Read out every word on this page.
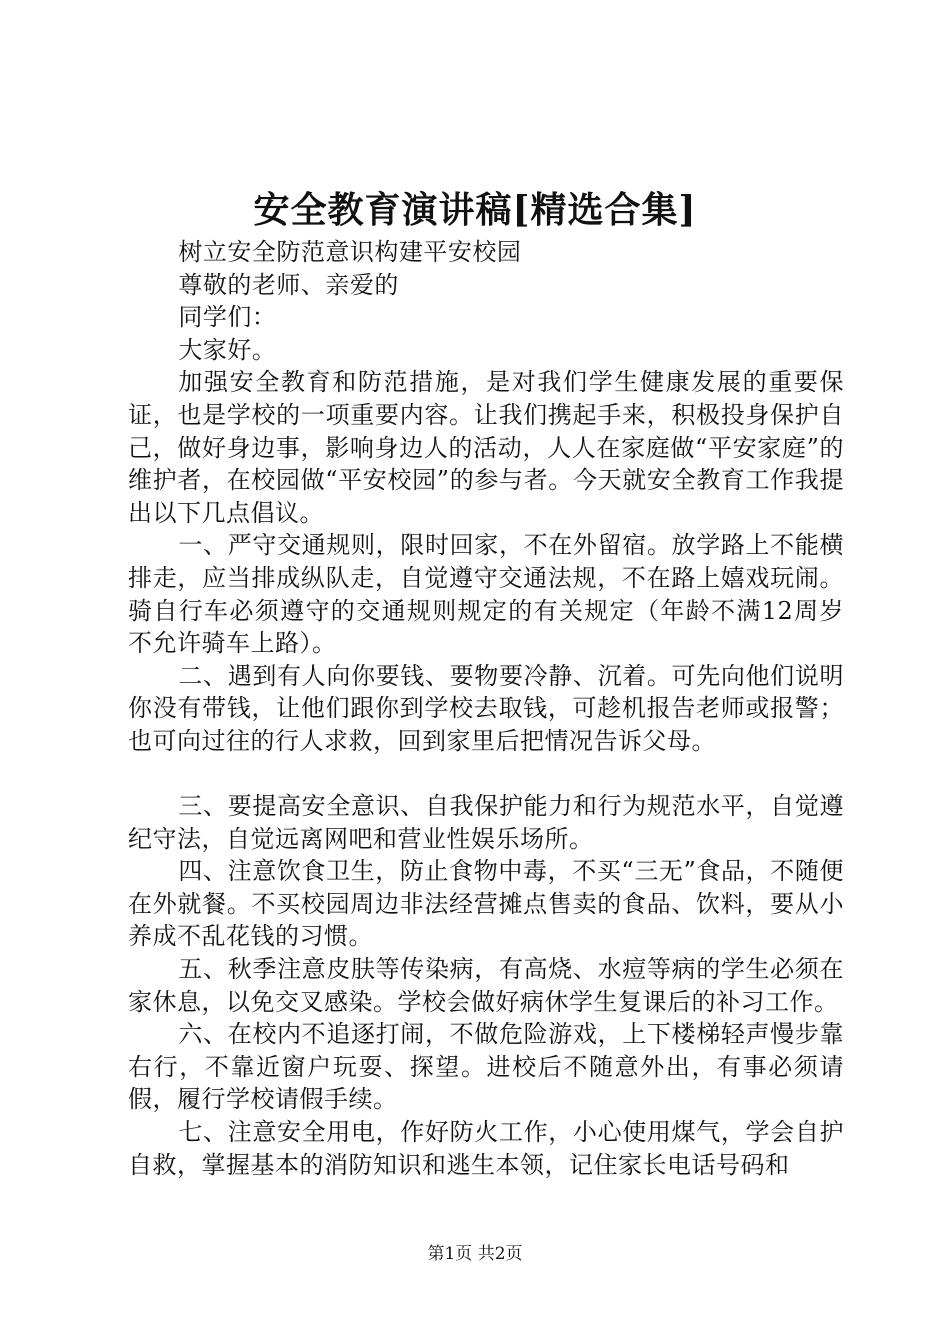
安全教育演讲稿[精选合集]

树立安全防范意识构建平安校园

尊敬的老师、亲爱的

同学们：

大家好。

加强安全教育和防范措施，是对我们学生健康发展的重要保证，也是学校的一项重要内容。让我们携起手来，积极投身保护自己，做好身边事，影响身边人的活动，人人在家庭做“平安家庭”的维护者，在校园做“平安校园”的参与者。今天就安全教育工作我提出以下几点倡议。

一、严守交通规则，限时回家，不在外留宿。放学路上不能横排走，应当排成纵队走，自觉遵守交通法规，不在路上嬉戏玩闹。骑自行车必须遵守的交通规则规定的有关规定（年龄不满12周岁不允许骑车上路）。

二、遇到有人向你要钱、要物要冷静、沉着。可先向他们说明你没有带钱，让他们跟你到学校去取钱，可趁机报告老师或报警；也可向过往的行人求救，回到家里后把情况告诉父母。

三、要提高安全意识、自我保护能力和行为规范水平，自觉遵纪守法，自觉远离网吧和营业性娱乐场所。

四、注意饮食卫生，防止食物中毒，不买“三无”食品，不随便在外就餐。不买校园周边非法经营摊点售卖的食品、饮料，要从小养成不乱花钱的习惯。

五、秋季注意皮肤等传染病，有高烧、水痘等病的学生必须在家休息，以免交叉感染。学校会做好病休学生复课后的补习工作。

六、在校内不追逐打闹，不做危险游戏，上下楼梯轻声慢步靠右行，不靠近窗户玩耍、探望。进校后不随意外出，有事必须请假，履行学校请假手续。

七、注意安全用电，作好防火工作，小心使用煤气，学会自护自救，掌握基本的消防知识和逃生本领，记住家长电话号码和

第1页 共2页
